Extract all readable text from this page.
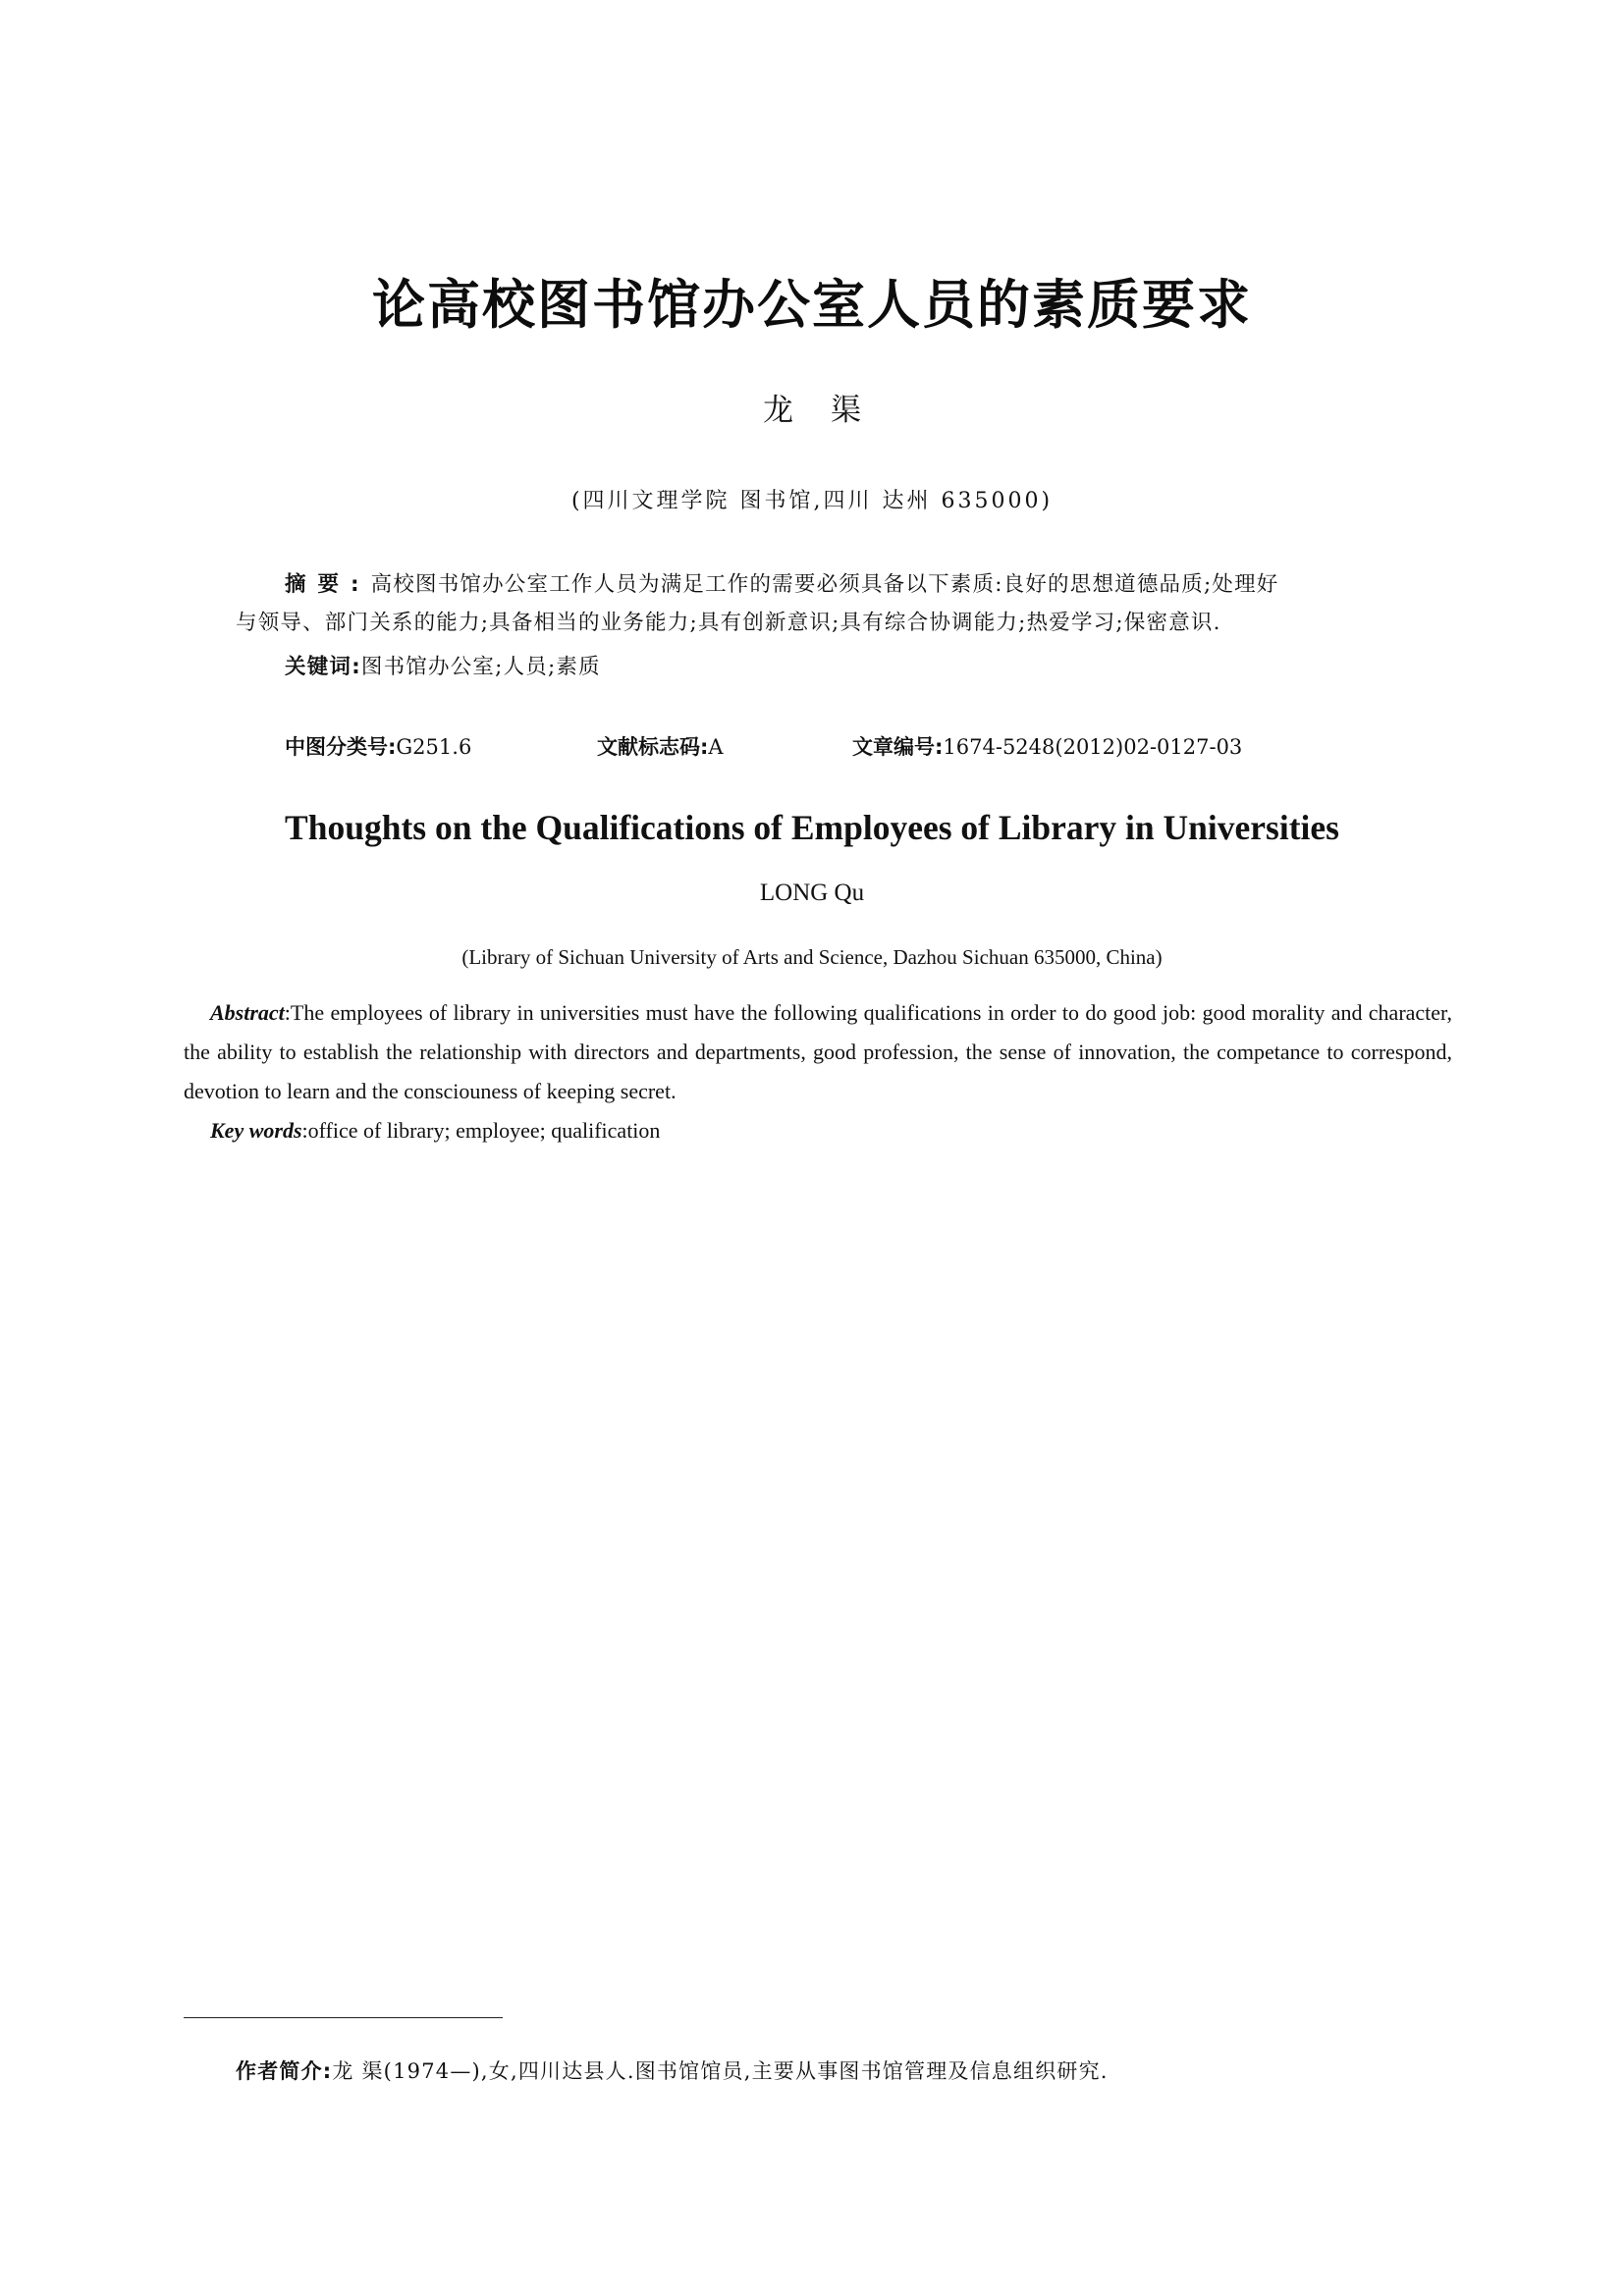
论高校图书馆办公室人员的素质要求
龙渠
(四川文理学院 图书馆,四川 达州 635000)
摘要:高校图书馆办公室工作人员为满足工作的需要必须具备以下素质:良好的思想道德品质;处理好
与领导、部门关系的能力;具备相当的业务能力;具有创新意识;具有综合协调能力;热爱学习;保密意识.
关键词:图书馆办公室;人员;素质
中图分类号:G251.6	文献标志码:A	文章编号:1674-5248(2012)02-0127-03
Thoughts on the Qualifications of Employees of Library in Universities
LONG Qu
(Library of Sichuan University of Arts and Science, Dazhou Sichuan 635000, China)
Abstract:The employees of library in universities must have the following qualifications in order to do good job: good morality and character, the ability to establish the relationship with directors and departments, good profession, the sense of innovation, the competance to correspond, devotion to learn and the consciouness of keeping secret.
Key words:office of library; employee; qualification
作者简介:龙 渠(1974—),女,四川达县人.图书馆馆员,主要从事图书馆管理及信息组织研究.
